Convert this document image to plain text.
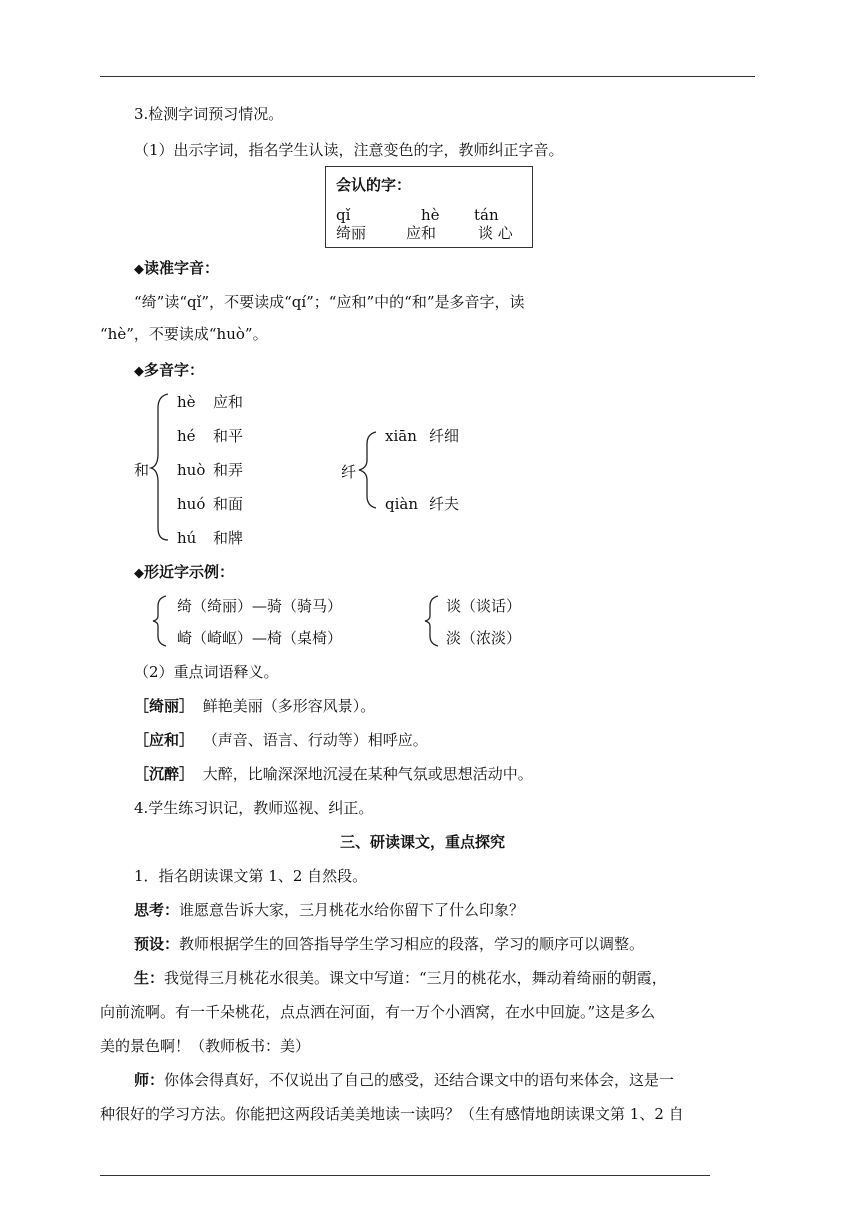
3.检测字词预习情况。
（1）出示字词，指名学生认读，注意变色的字，教师纠正字音。
会认的字：
qǐ	hè tán
绮丽	应和	谈 心
◆ 读准字音：
“绮”读“qǐ”，不要读成“qí”；“应和”中的“和”是多音字，读
“hè”，不要读成“huò”。
◆ 多音字：
和
hè 应和
hé 和平
huò 和弄
huó 和面
hú 和牌
纤
xiān 纤细
qiàn 纤夫
◆ 形近字示例：
绮（绮丽）—骑（骑马）
崎（崎岖）—椅（桌椅）
谈（谈话）
淡（浓淡）
（2）重点词语释义。
［绮丽］ 鲜艳美丽（多形容风景）。
［应和］ （声音、语言、行动等）相呼应。
［沉醉］ 大醉，比喻深深地沉浸在某种气氛或思想活动中。
4.学生练习识记，教师巡视、纠正。
三、研读课文，重点探究
1．指名朗读课文第 1、2 自然段。
思考：谁愿意告诉大家，三月桃花水给你留下了什么印象？
预设：教师根据学生的回答指导学生学习相应的段落，学习的顺序可以调整。
生：我觉得三月桃花水很美。课文中写道：“三月的桃花水，舞动着绮丽的朝霞，
向前流啊。有一千朵桃花，点点洒在河面，有一万个小酒窝，在水中回旋。”这是多么
美的景色啊！（教师板书：美）
师：你体会得真好，不仅说出了自己的感受，还结合课文中的语句来体会，这是一
种很好的学习方法。你能把这两段话美美地读一读吗？（生有感情地朗读课文第 1、2 自
